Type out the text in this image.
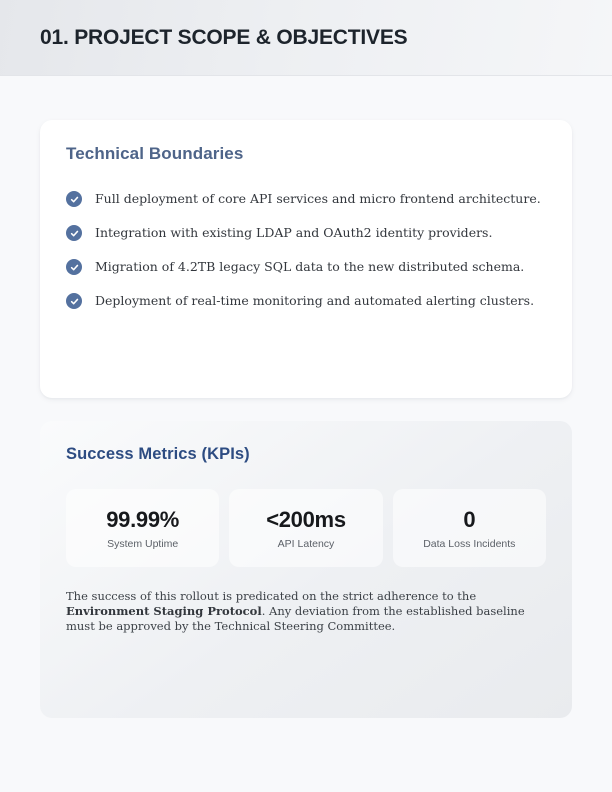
01. PROJECT SCOPE & OBJECTIVES
Technical Boundaries
Full deployment of core API services and micro frontend architecture.
Integration with existing LDAP and OAuth2 identity providers.
Migration of 4.2TB legacy SQL data to the new distributed schema.
Deployment of real-time monitoring and automated alerting clusters.
Success Metrics (KPIs)
99.99%
System Uptime
<200ms
API Latency
0
Data Loss Incidents

The success of this rollout is predicated on the strict adherence to the Environment Staging Protocol. Any deviation from the established baseline must be approved by the Technical Steering Committee.
